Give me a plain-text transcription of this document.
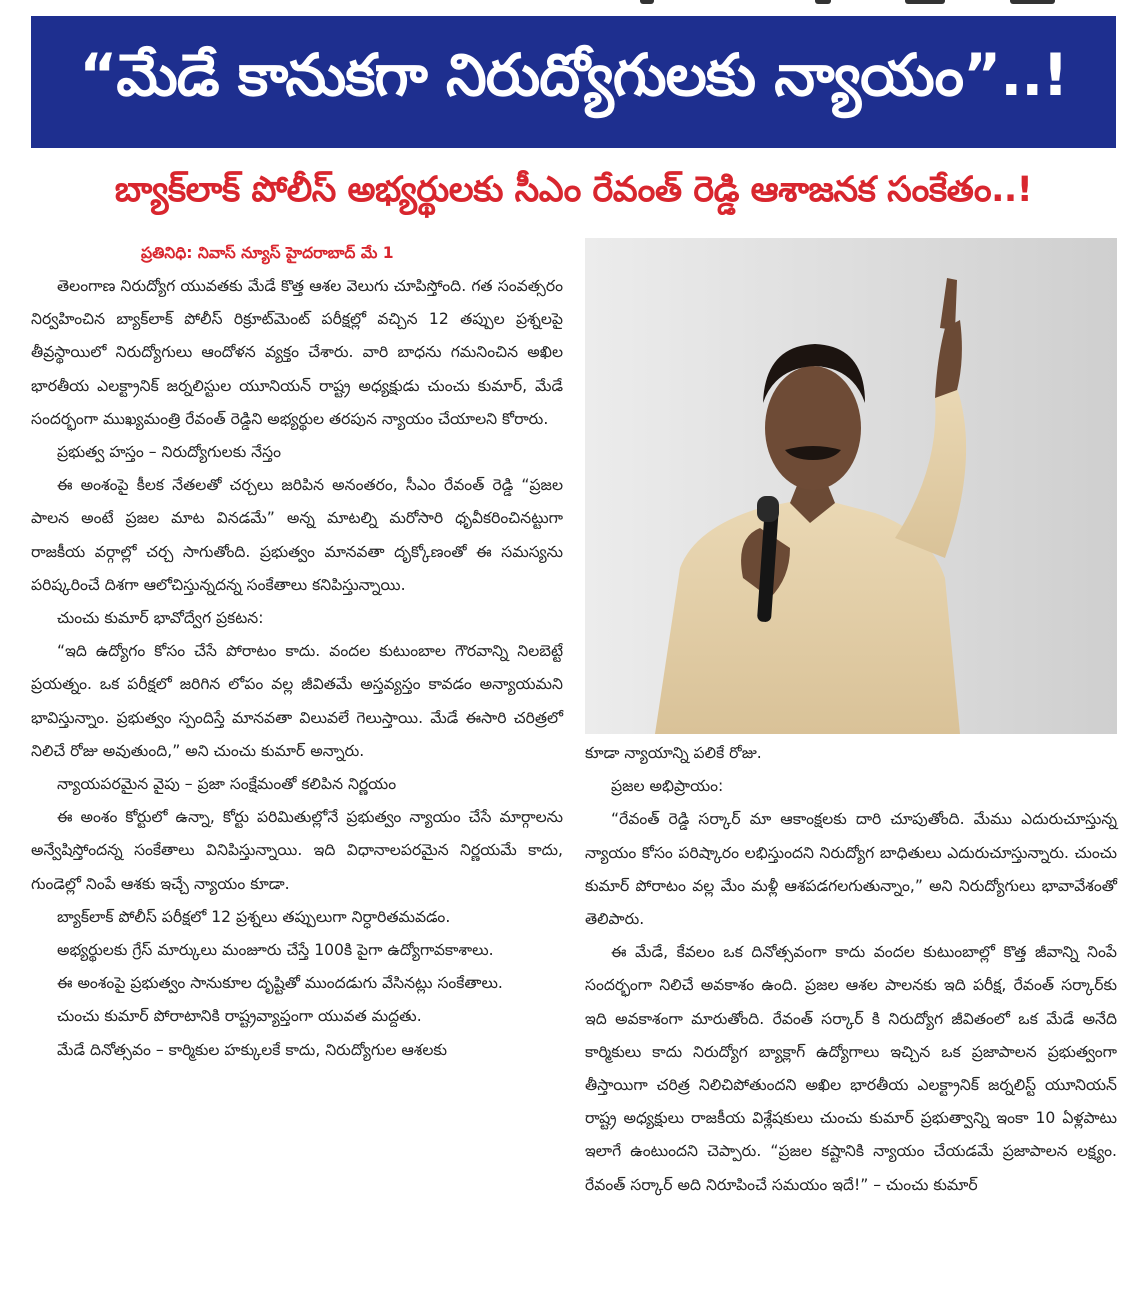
“మేడే కానుకగా నిరుద్యోగులకు న్యాయం”..!
బ్యాక్‌లాక్ పోలీస్ అభ్యర్థులకు సీఎం రేవంత్ రెడ్డి ఆశాజనక సంకేతం..!

ప్రతినిధి: నివాస్ న్యూస్ హైదరాబాద్ మే 1

తెలంగాణ నిరుద్యోగ యువతకు మేడే కొత్త ఆశల వెలుగు చూపిస్తోంది. గత సంవత్సరం నిర్వహించిన బ్యాక్‌లాక్ పోలీస్ రిక్రూట్‌మెంట్ పరీక్షల్లో వచ్చిన 12 తప్పుల ప్రశ్నలపై తీవ్రస్థాయిలో నిరుద్యోగులు ఆందోళన వ్యక్తం చేశారు. వారి బాధను గమనించిన అఖిల భారతీయ ఎలక్ట్రానిక్ జర్నలిస్టుల యూనియన్ రాష్ట్ర అధ్యక్షుడు చుంచు కుమార్, మేడే సందర్భంగా ముఖ్యమంత్రి రేవంత్ రెడ్డిని అభ్యర్థుల తరపున న్యాయం చేయాలని కోరారు.

ప్రభుత్వ హస్తం – నిరుద్యోగులకు నేస్తం

ఈ అంశంపై కీలక నేతలతో చర్చలు జరిపిన అనంతరం, సీఎం రేవంత్ రెడ్డి “ప్రజల పాలన అంటే ప్రజల మాట వినడమే” అన్న మాటల్ని మరోసారి ధృవీకరించినట్టుగా రాజకీయ వర్గాల్లో చర్చ సాగుతోంది. ప్రభుత్వం మానవతా దృక్కోణంతో ఈ సమస్యను పరిష్కరించే దిశగా ఆలోచిస్తున్నదన్న సంకేతాలు కనిపిస్తున్నాయి.

చుంచు కుమార్ భావోద్వేగ ప్రకటన:

“ఇది ఉద్యోగం కోసం చేసే పోరాటం కాదు. వందల కుటుంబాల గౌరవాన్ని నిలబెట్టే ప్రయత్నం. ఒక పరీక్షలో జరిగిన లోపం వల్ల జీవితమే అస్తవ్యస్తం కావడం అన్యాయమని భావిస్తున్నాం. ప్రభుత్వం స్పందిస్తే మానవతా విలువలే గెలుస్తాయి. మేడే ఈసారి చరిత్రలో నిలిచే రోజు అవుతుంది,” అని చుంచు కుమార్ అన్నారు.

న్యాయపరమైన వైపు – ప్రజా సంక్షేమంతో కలిపిన నిర్ణయం

ఈ అంశం కోర్టులో ఉన్నా, కోర్టు పరిమితుల్లోనే ప్రభుత్వం న్యాయం చేసే మార్గాలను అన్వేషిస్తోందన్న సంకేతాలు వినిపిస్తున్నాయి. ఇది విధానాలపరమైన నిర్ణయమే కాదు, గుండెల్లో నింపే ఆశకు ఇచ్చే న్యాయం కూడా.

బ్యాక్‌లాక్ పోలీస్ పరీక్షలో 12 ప్రశ్నలు తప్పులుగా నిర్ధారితమవడం.

అభ్యర్థులకు గ్రేస్ మార్కులు మంజూరు చేస్తే 100కి పైగా ఉద్యోగావకాశాలు.

ఈ అంశంపై ప్రభుత్వం సానుకూల దృష్టితో ముందడుగు వేసినట్లు సంకేతాలు.

చుంచు కుమార్ పోరాటానికి రాష్ట్రవ్యాప్తంగా యువత మద్దతు.

మేడే దినోత్సవం – కార్మికుల హక్కులకే కాదు, నిరుద్యోగుల ఆశలకు

కూడా న్యాయాన్ని పలికే రోజు.

ప్రజల అభిప్రాయం:

“రేవంత్ రెడ్డి సర్కార్ మా ఆకాంక్షలకు దారి చూపుతోంది. మేము ఎదురుచూస్తున్న న్యాయం కోసం పరిష్కారం లభిస్తుందని నిరుద్యోగ బాధితులు ఎదురుచూస్తున్నారు. చుంచు కుమార్ పోరాటం వల్ల మేం మళ్లీ ఆశపడగలగుతున్నాం,” అని నిరుద్యోగులు భావావేశంతో తెలిపారు.

ఈ మేడే, కేవలం ఒక దినోత్సవంగా కాదు వందల కుటుంబాల్లో కొత్త జీవాన్ని నింపే సందర్భంగా నిలిచే అవకాశం ఉంది. ప్రజల ఆశల పాలనకు ఇది పరీక్ష, రేవంత్ సర్కార్‌కు ఇది అవకాశంగా మారుతోంది. రేవంత్ సర్కార్ కి నిరుద్యోగ జీవితంలో ఒక మేడే అనేది కార్మికులు కాదు నిరుద్యోగ బ్యాక్లాగ్ ఉద్యోగాలు ఇచ్చిన ఒక ప్రజాపాలన ప్రభుత్వంగా తీస్తాయిగా చరిత్ర నిలిచిపోతుందని అఖిల భారతీయ ఎలక్ట్రానిక్ జర్నలిస్ట్ యూనియన్ రాష్ట్ర అధ్యక్షులు రాజకీయ విశ్లేషకులు చుంచు కుమార్ ప్రభుత్వాన్ని ఇంకా 10 ఏళ్లపాటు ఇలాగే ఉంటుందని చెప్పారు. “ప్రజల కష్టానికి న్యాయం చేయడమే ప్రజాపాలన లక్ష్యం. రేవంత్ సర్కార్ అది నిరూపించే సమయం ఇదే!” – చుంచు కుమార్
